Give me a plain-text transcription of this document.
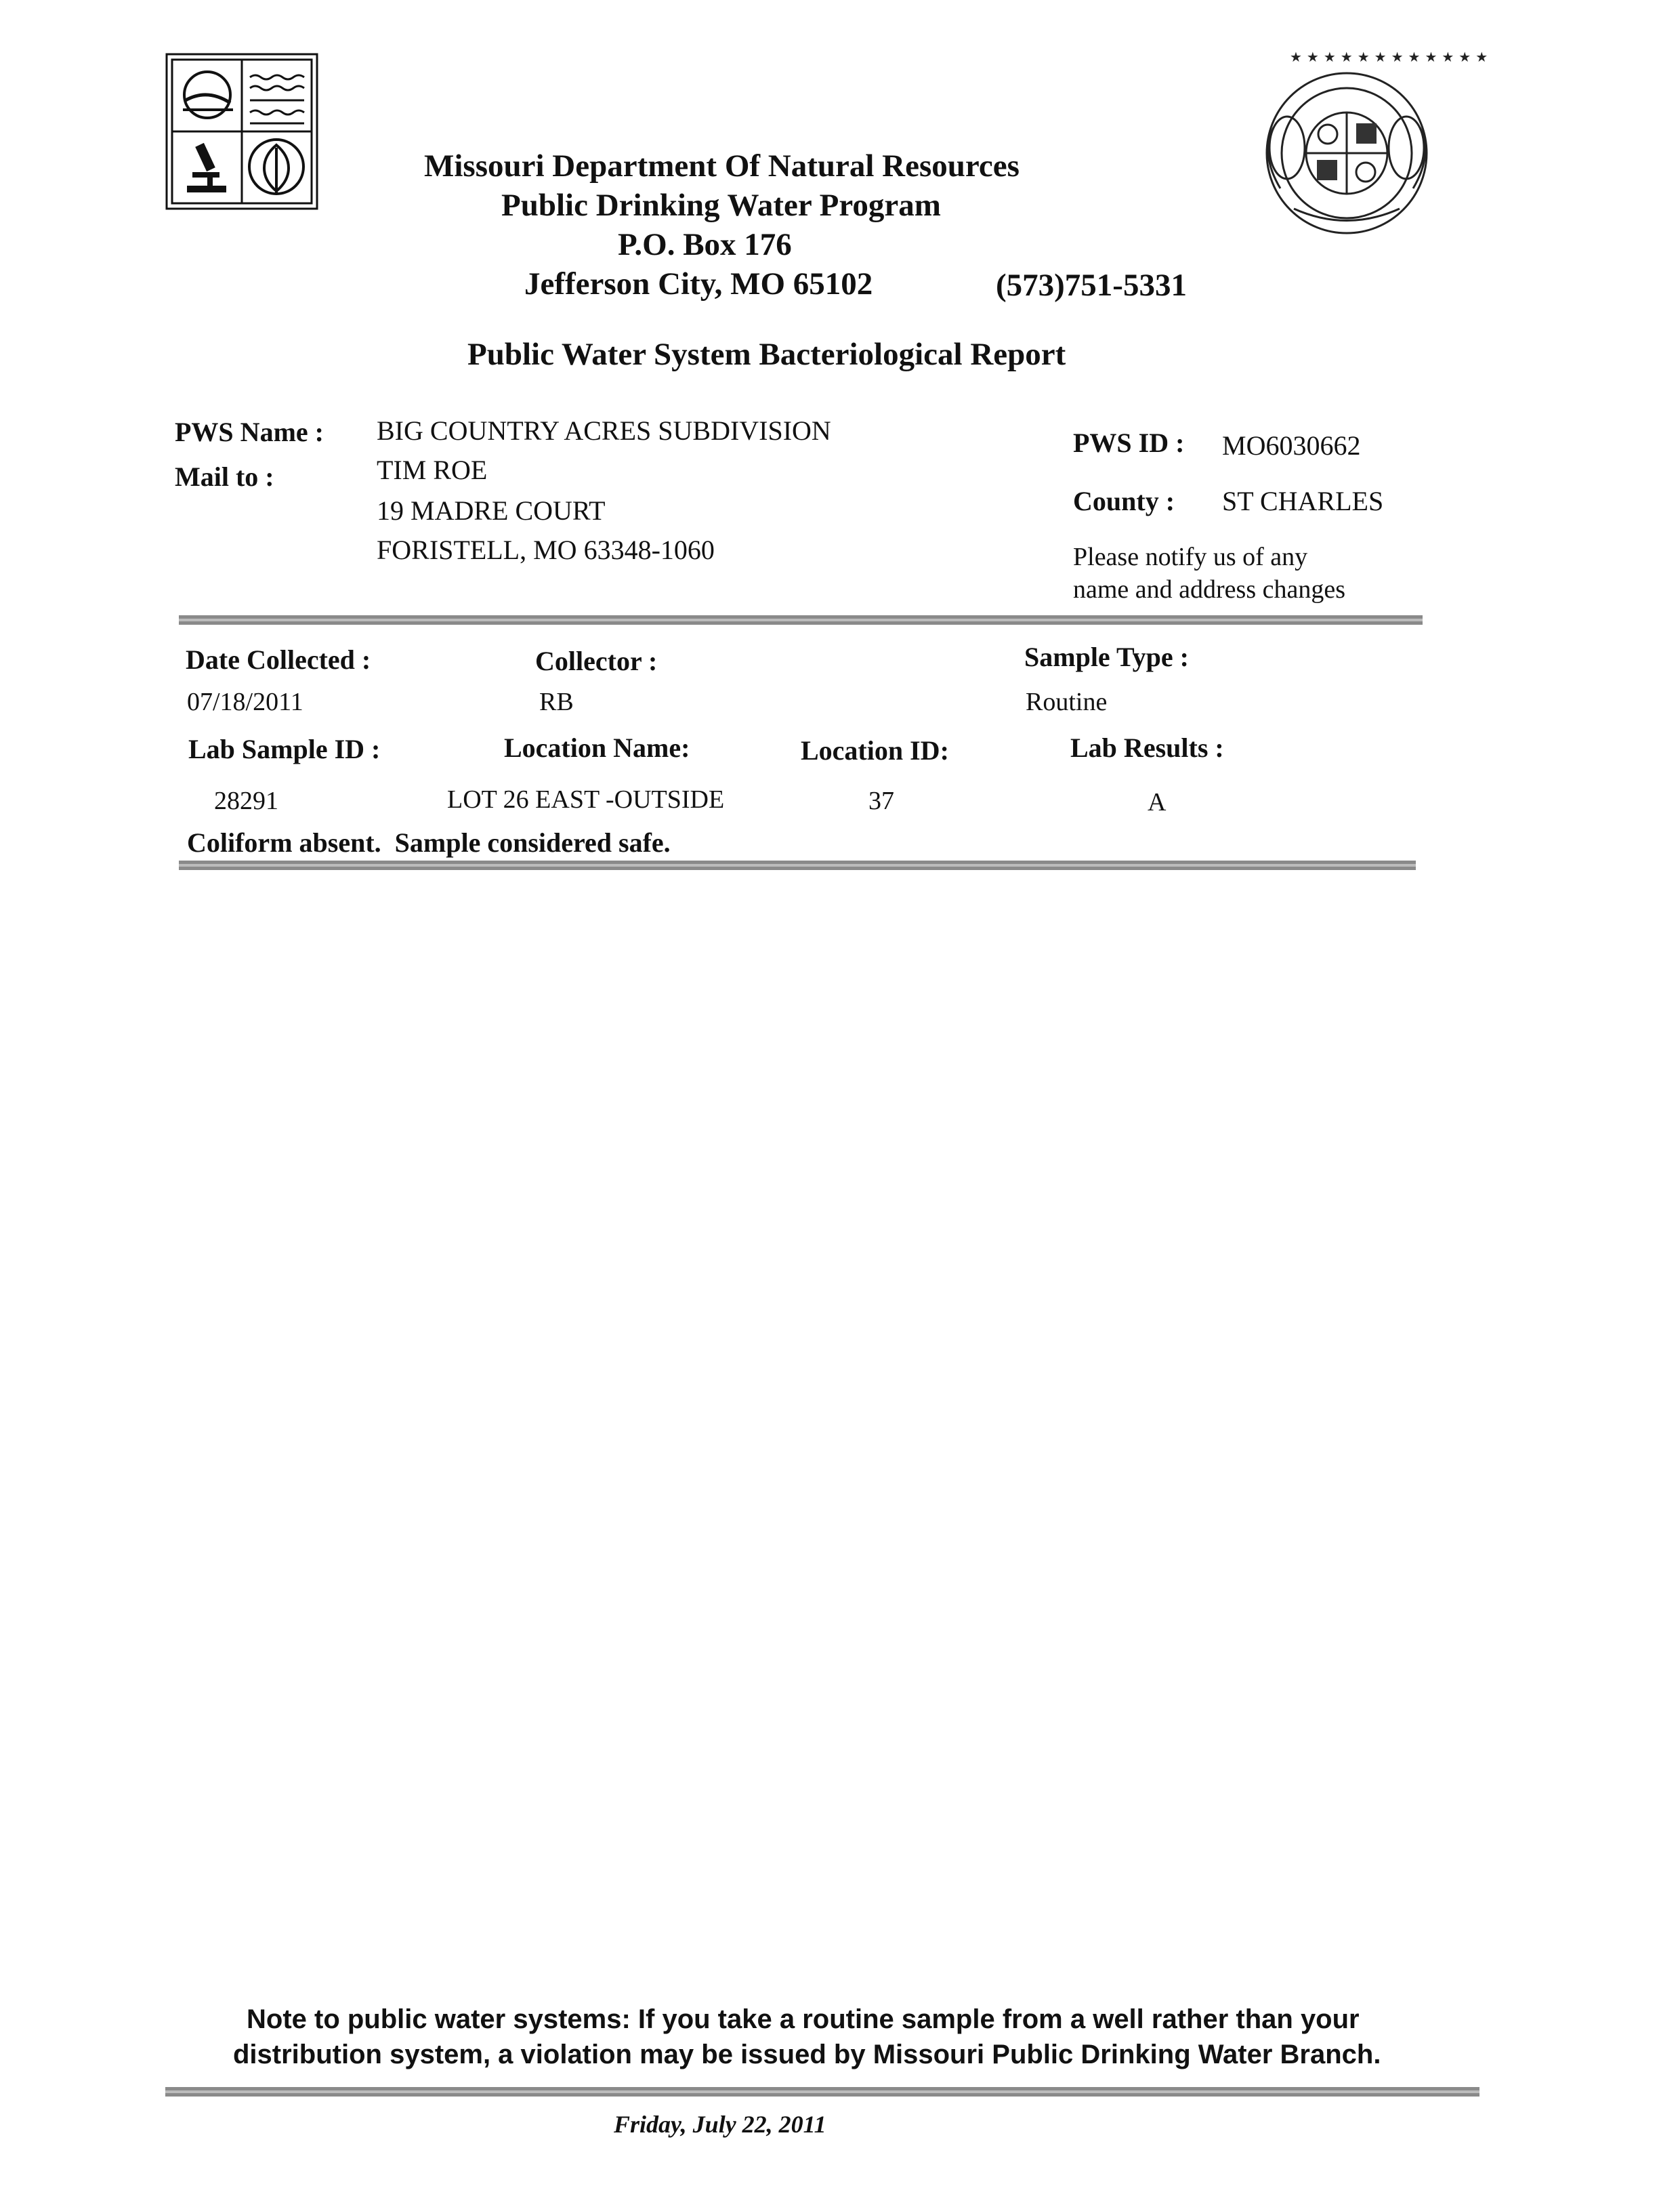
★ ★ ★ ★ ★ ★ ★ ★ ★ ★ ★ ★
Missouri Department Of Natural Resources
Public Drinking Water Program
P.O. Box 176
Jefferson City, MO 65102	(573)751-5331
Public Water System Bacteriological Report
PWS Name : BIG COUNTRY ACRES SUBDIVISION
Mail to :	TIM ROE
19 MADRE COURT
FORISTELL, MO 63348-1060
PWS ID : MO6030662
County : ST CHARLES
Please notify us of any
name and address changes
Date Collected :
07/18/2011
Collector :
RB
Sample Type :
Routine
Lab Sample ID :	Location Name:	Location ID:	Lab Results :
28291	LOT 26 EAST -OUTSIDE	37	A
Coliform absent.  Sample considered safe.
Note to public water systems: If you take a routine sample from a well rather than your
distribution system, a violation may be issued by Missouri Public Drinking Water Branch.
Friday, July 22, 2011
